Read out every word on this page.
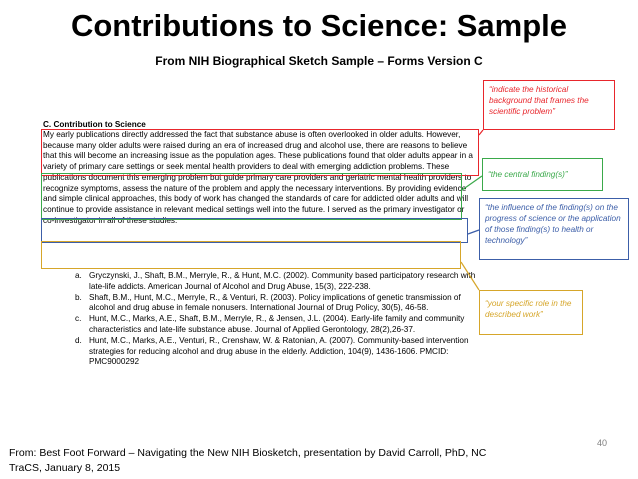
Contributions to Science: Sample
From NIH Biographical Sketch Sample – Forms Version C
C. Contribution to Science
My early publications directly addressed the fact that substance abuse is often overlooked in older adults. However, because many older adults were raised during an era of increased drug and alcohol use, there are reasons to believe that this will become an increasing issue as the population ages. These publications found that older adults appear in a variety of primary care settings or seek mental health providers to deal with emerging addiction problems. These publications document this emerging problem but guide primary care providers and geriatric mental health providers to recognize symptoms, assess the nature of the problem and apply the necessary interventions. By providing evidence and simple clinical approaches, this body of work has changed the standards of care for addicted older adults and will continue to provide assistance in relevant medical settings well into the future. I served as the primary investigator or co-investigator in all of these studies.
a. Gryczynski, J., Shaft, B.M., Merryle, R., & Hunt, M.C. (2002). Community based participatory research with late-life addicts. American Journal of Alcohol and Drug Abuse, 15(3), 222-238.
b. Shaft, B.M., Hunt, M.C., Merryle, R., & Venturi, R. (2003). Policy implications of genetic transmission of alcohol and drug abuse in female nonusers. International Journal of Drug Policy, 30(5), 46-58.
c. Hunt, M.C., Marks, A.E., Shaft, B.M., Merryle, R., & Jensen, J.L. (2004). Early-life family and community characteristics and late-life substance abuse. Journal of Applied Gerontology, 28(2),26-37.
d. Hunt, M.C., Marks, A.E., Venturi, R., Crenshaw, W. & Ratonian, A. (2007). Community-based intervention strategies for reducing alcohol and drug abuse in the elderly. Addiction, 104(9), 1436-1606. PMCID: PMC9000292
“indicate the historical background that frames the scientific problem”
“the central finding(s)”
“the influence of the finding(s) on the progress of science or the application of those finding(s) to health or technology”
“your specific role in the described work”
From: Best Foot Forward – Navigating the New NIH Biosketch, presentation by David Carroll, PhD, NC
TraCS, January 8, 2015
40
